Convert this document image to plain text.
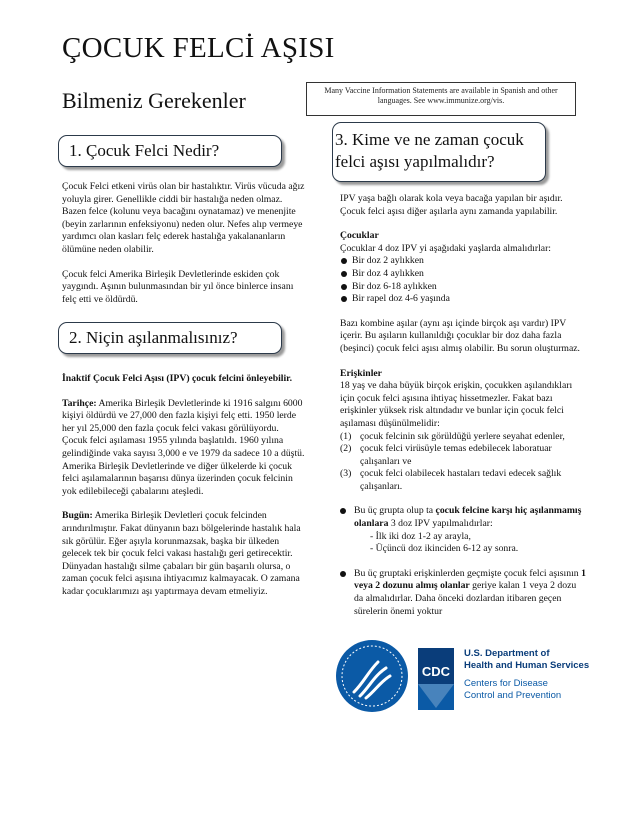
ÇOCUK FELCİ AŞISI
Bilmeniz Gerekenler	Many Vaccine Information Statements are available in Spanish and other languages. See www.immunize.org/vis.
1. Çocuk Felci Nedir?

Çocuk Felci etkeni virüs olan bir hastalıktır. Virüs vücuda ağız yoluyla girer. Genellikle ciddi bir hastalığa neden olmaz. Bazen felce (kolunu veya bacağını oynatamaz) ve menenjite (beyin zarlarının enfeksiyonu) neden olur. Nefes alıp vermeye yardımcı olan kasları felç ederek hastalığa yakalananların ölümüne neden olabilir.

Çocuk felci Amerika Birleşik Devletlerinde eskiden çok yaygındı. Aşının bulunmasından bir yıl önce binlerce insanı felç etti ve öldürdü.

2. Niçin aşılanmalısınız?

İnaktif Çocuk Felci Aşısı (IPV) çocuk felcini önleyebilir.

Tarihçe: Amerika Birleşik Devletlerinde ki 1916 salgını 6000 kişiyi öldürdü ve 27,000 den fazla kişiyi felç etti. 1950 lerde her yıl 25,000 den fazla çocuk felci vakası görülüyordu. Çocuk felci aşılaması 1955 yılında başlatıldı. 1960 yılına gelindiğinde vaka sayısı 3,000 e ve 1979 da sadece 10 a düştü. Amerika Birleşik Devletlerinde ve diğer ülkelerde ki çocuk felci aşılamalarının başarısı dünya üzerinden çocuk felcinin yok edilebileceği çabalarını ateşledi.

Bugün: Amerika Birleşik Devletleri çocuk felcinden arındırılmıştır. Fakat dünyanın bazı bölgelerinde hastalık hala sık görülür. Eğer aşıyla korunmazsak, başka bir ülkeden gelecek tek bir çocuk felci vakası hastalığı geri getirecektir. Dünyadan hastalığı silme çabaları bir gün başarılı olursa, o zaman çocuk felci aşısına ihtiyacımız kalmayacak. O zamana kadar çocuklarımızı aşı yaptırmaya devam etmeliyiz.

3. Kime ve ne zaman çocuk felci aşısı yapılmalıdır?

IPV yaşa bağlı olarak kola veya bacağa yapılan bir aşıdır. Çocuk felci aşısı diğer aşılarla aynı zamanda yapılabilir.

Çocuklar

Çocuklar 4 doz IPV yi aşağıdaki yaşlarda almalıdırlar:

Bir doz 2 aylıkken
Bir doz 4 aylıkken
Bir doz 6-18 aylıkken
Bir rapel doz 4-6 yaşında

Bazı kombine aşılar (aynı aşı içinde birçok aşı vardır) IPV içerir. Bu aşıların kullanıldığı çocuklar bir doz daha fazla (beşinci) çocuk felci aşısı almış olabilir. Bu sorun oluşturmaz.

Erişkinler

18 yaş ve daha büyük birçok erişkin, çocukken aşılandıkları için çocuk felci aşısına ihtiyaç hissetmezler. Fakat bazı erişkinler yüksek risk altındadır ve bunlar için çocuk felci aşılaması düşünülmelidir:

(1) çocuk felcinin sık görüldüğü yerlere seyahat edenler,
(2) çocuk felci virüsüyle temas edebilecek laboratuar çalışanları ve
(3) çocuk felci olabilecek hastaları tedavi edecek sağlık çalışanları.
Bu üç grupta olup ta çocuk felcine karşı hiç aşılanmamış olanlara 3 doz IPV yapılmalıdırlar:
- İlk iki doz 1-2 ay arayla,
- Üçüncü doz ikinciden 6-12 ay sonra.
Bu üç gruptaki erişkinlerden geçmişte çocuk felci aşısının 1 veya 2 dozunu almış olanlar geriye kalan 1 veya 2 dozu da almalıdırlar. Daha önceki dozlardan itibaren geçen sürelerin önemi yoktur
CDC
U.S. Department of
Health and Human Services
Centers for Disease
Control and Prevention
